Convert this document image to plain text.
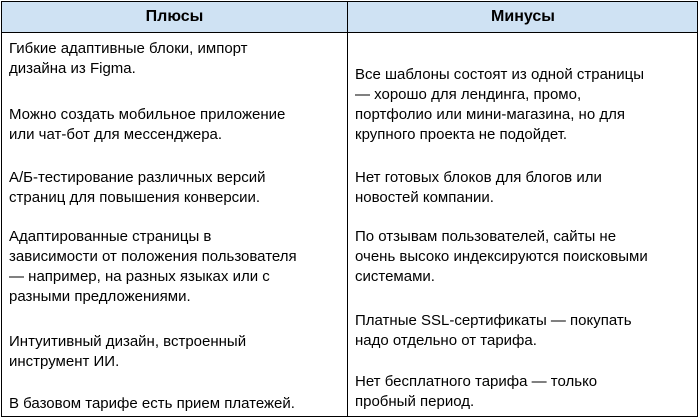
Плюсы	Минусы
Гибкие адаптивные блоки, импорт
дизайна из Figma.
Можно создать мобильное приложение
или чат-бот для мессенджера.
А/Б-тестирование различных версий
страниц для повышения конверсии.
Адаптированные страницы в
зависимости от положения пользователя
— например, на разных языках или с
разными предложениями.
Интуитивный дизайн, встроенный
инструмент ИИ.
В базовом тарифе есть прием платежей.
Все шаблоны состоят из одной страницы
— хорошо для лендинга, промо,
портфолио или мини-магазина, но для
крупного проекта не подойдет.
Нет готовых блоков для блогов или
новостей компании.
По отзывам пользователей, сайты не
очень высоко индексируются поисковыми
системами.
Платные SSL-сертификаты — покупать
надо отдельно от тарифа.
Нет бесплатного тарифа — только
пробный период.
